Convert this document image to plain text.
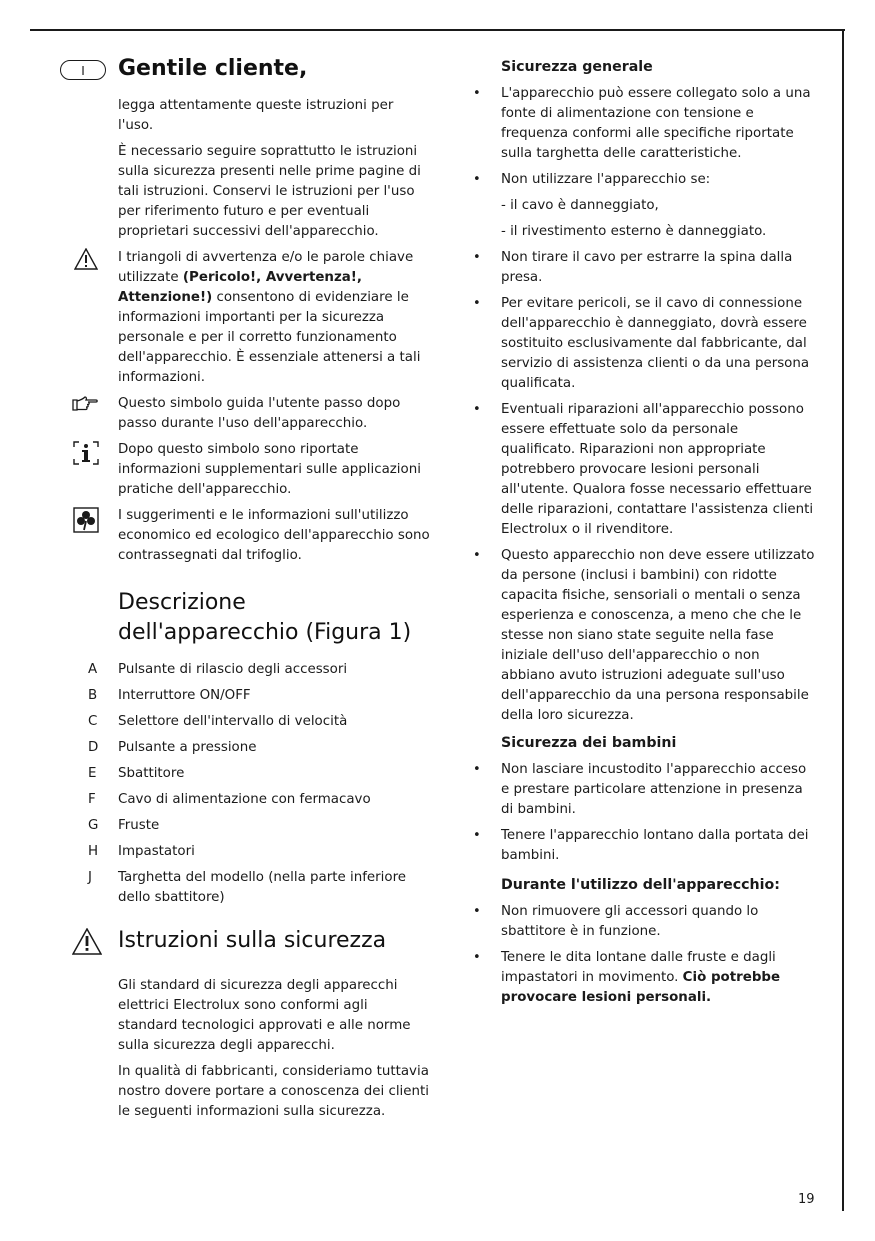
I	Gentile cliente,

legga attentamente queste istruzioni per l'uso.

È necessario seguire soprattutto le istruzioni sulla sicurezza presenti nelle prime pagine di tali istruzioni. Conservi le istruzioni per l'uso per riferimento futuro e per eventuali proprietari successivi dell'apparecchio.

I triangoli di avvertenza e/o le parole chiave utilizzate (Pericolo!, Avvertenza!, Attenzione!) consentono di evidenziare le informazioni importanti per la sicurezza personale e per il corretto funzionamento dell'apparecchio. È essenziale attenersi a tali informazioni.
Questo simbolo guida l'utente passo dopo passo durante l'uso dell'apparecchio.
Dopo questo simbolo sono riportate informazioni supplementari sulle applicazioni pratiche dell'apparecchio.
I suggerimenti e le informazioni sull'utilizzo economico ed ecologico dell'apparecchio sono contrassegnati dal trifoglio.
Descrizione dell'apparecchio (Figura 1)
A Pulsante di rilascio degli accessori
B Interruttore ON/OFF
C Selettore dell'intervallo di velocità
D Pulsante a pressione
E Sbattitore
F Cavo di alimentazione con fermacavo
G Fruste
H Impastatori
J Targhetta del modello (nella parte inferiore dello sbattitore)
Istruzioni sulla sicurezza

Gli standard di sicurezza degli apparecchi elettrici Electrolux sono conformi agli standard tecnologici approvati e alle norme sulla sicurezza degli apparecchi.

In qualità di fabbricanti, consideriamo tuttavia nostro dovere portare a conoscenza dei clienti le seguenti informazioni sulla sicurezza.

Sicurezza generale
• L'apparecchio può essere collegato solo a una fonte di alimentazione con tensione e frequenza conformi alle specifiche riportate sulla targhetta delle caratteristiche.
• Non utilizzare l'apparecchio se:
- il cavo è danneggiato,
- il rivestimento esterno è danneggiato.
• Non tirare il cavo per estrarre la spina dalla presa.
• Per evitare pericoli, se il cavo di connessione dell'apparecchio è danneggiato, dovrà essere sostituito esclusivamente dal fabbricante, dal servizio di assistenza clienti o da una persona qualificata.
• Eventuali riparazioni all'apparecchio possono essere effettuate solo da personale qualificato. Riparazioni non appropriate potrebbero provocare lesioni personali all'utente. Qualora fosse necessario effettuare delle riparazioni, contattare l'assistenza clienti Electrolux o il rivenditore.
• Questo apparecchio non deve essere utilizzato da persone (inclusi i bambini) con ridotte capacita fisiche, sensoriali o mentali o senza esperienza e conoscenza, a meno che che le stesse non siano state seguite nella fase iniziale dell'uso dell'apparecchio o non abbiano avuto istruzioni adeguate sull'uso dell'apparecchio da una persona responsabile della loro sicurezza.
Sicurezza dei bambini
• Non lasciare incustodito l'apparecchio acceso e prestare particolare attenzione in presenza di bambini.
• Tenere l'apparecchio lontano dalla portata dei bambini.
Durante l'utilizzo dell'apparecchio:
• Non rimuovere gli accessori quando lo sbattitore è in funzione.
• Tenere le dita lontane dalle fruste e dagli impastatori in movimento. Ciò potrebbe provocare lesioni personali.
19
